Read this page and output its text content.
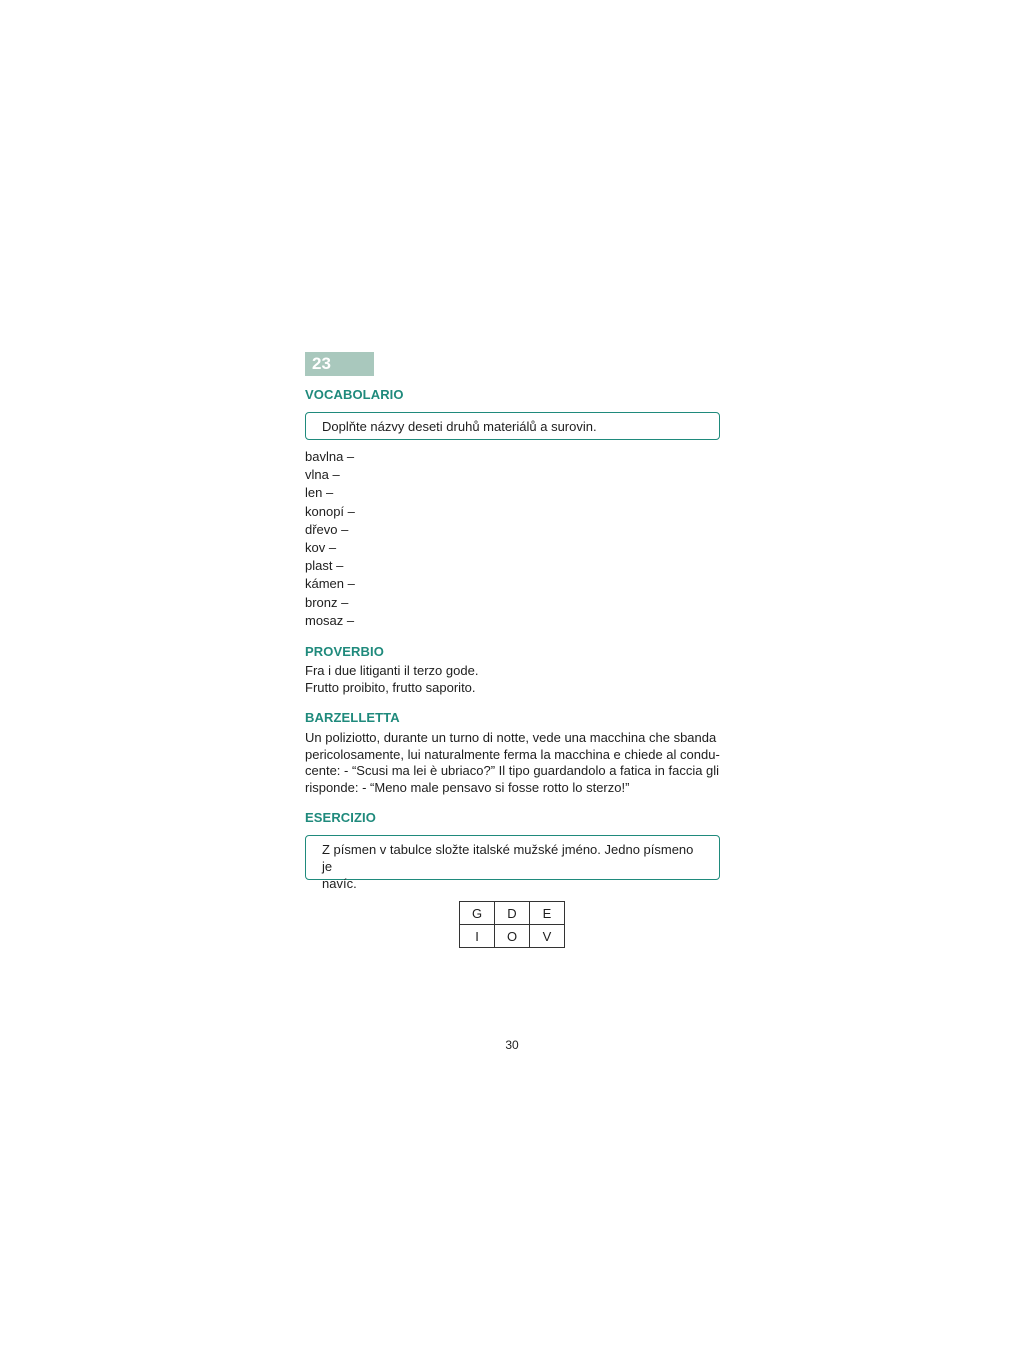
23
VOCABOLARIO
Doplňte názvy deseti druhů materiálů a surovin.
bavlna –
vlna –
len –
konopí –
dřevo –
kov –
plast –
kámen –
bronz –
mosaz –
PROVERBIO

Fra i due litiganti il terzo gode.

Frutto proibito, frutto saporito.

BARZELLETTA

Un poliziotto, durante un turno di notte, vede una macchina che sbanda

pericolosamente, lui naturalmente ferma la macchina e chiede al condu-

cente: - “Scusi ma lei è ubriaco?” Il tipo guardandolo a fatica in faccia gli

risponde: - “Meno male pensavo si fosse rotto lo sterzo!”

ESERCIZIO
Z písmen v tabulce složte italské mužské jméno. Jedno písmeno je
navíc.
G	D	E
I	O	V
30
